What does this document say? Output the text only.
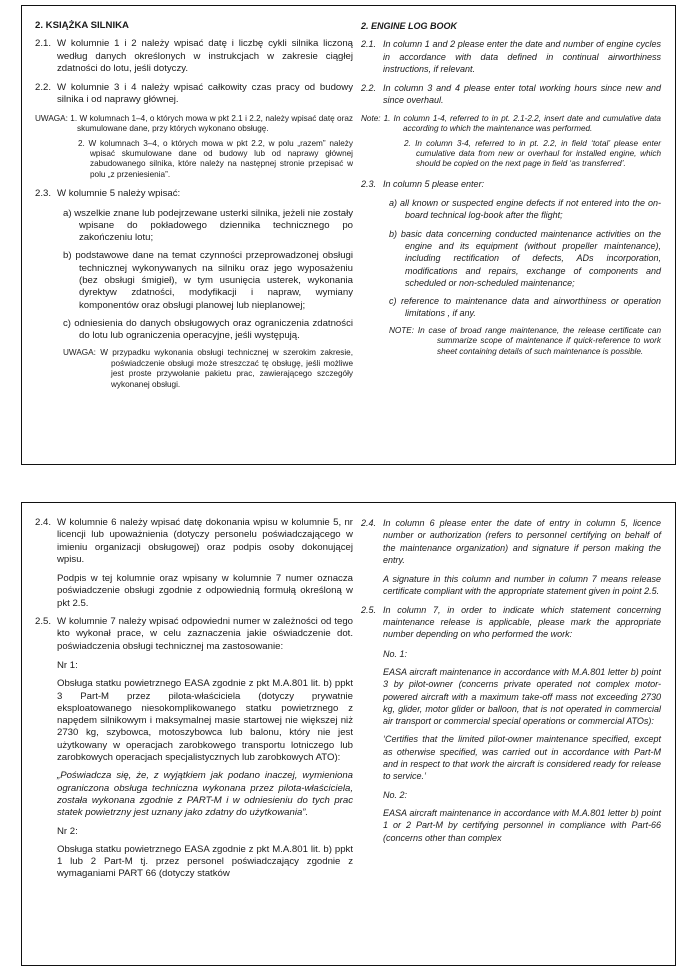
2. KSIĄŻKA SILNIKA

2.1. W kolumnie 1 i 2 należy wpisać datę i liczbę cykli silnika liczoną według danych określonych w instrukcjach w zakresie ciągłej zdatności do lotu, jeśli dotyczy.

2.2. W kolumnie 3 i 4 należy wpisać całkowity czas pracy od budowy silnika i od naprawy głównej.

UWAGA: 1. W kolumnach 1–4, o których mowa w pkt 2.1 i 2.2, należy wpisać datę oraz skumulowane dane, przy których wykonano obsługę.

2. W kolumnach 3–4, o których mowa w pkt 2.2, w polu „razem” należy wpisać skumulowane dane od budowy lub od naprawy głównej zabudowanego silnika, które należy na następnej stronie przepisać w polu „z przeniesienia”.

2.3. W kolumnie 5 należy wpisać:

a) wszelkie znane lub podejrzewane usterki silnika, jeżeli nie zostały wpisane do pokładowego dziennika technicznego po zakończeniu lotu;

b) podstawowe dane na temat czynności przeprowadzonej obsługi technicznej wykonywanych na silniku oraz jego wyposażeniu (bez obsługi śmigieł), w tym usunięcia usterek, wykonania dyrektyw zdatności, modyfikacji i napraw, wymiany komponentów oraz obsługi planowej lub nieplanowej;

c) odniesienia do danych obsługowych oraz ograniczenia zdatności do lotu lub ograniczenia operacyjne, jeśli występują.

UWAGA: W przypadku wykonania obsługi technicznej w szerokim zakresie, poświadczenie obsługi może streszczać tę obsługę, jeśli możliwe jest proste przywołanie pakietu prac, zawierającego szczegóły wykonanej obsługi.

2. ENGINE LOG BOOK

2.1. In column 1 and 2 please enter the date and number of engine cycles in accordance with data defined in continual airworthiness instructions, if relevant.

2.2. In column 3 and 4 please enter total working hours since new and since overhaul.

Note: 1. In column 1-4, referred to in pt. 2.1-2.2, insert date and cumulative data according to which the maintenance was performed.

2. In column 3-4, referred to in pt. 2.2, in field ‘total’ please enter cumulative data from new or overhaul for installed engine, which should be copied on the next page in field ‘as transferred’.

2.3. In column 5 please enter:

a) all known or suspected engine defects if not entered into the on-board technical log-book after the flight;

b) basic data concerning conducted maintenance activities on the engine and its equipment (without propeller maintenance), including rectification of defects, ADs incorporation, modifications and repairs, exchange of components and scheduled or non-scheduled maintenance;

c) reference to maintenance data and airworthiness or operation limitations , if any.

NOTE: In case of broad range maintenance, the release certificate can summarize scope of maintenance if quick-reference to work sheet containing details of such maintenance is possible.

2.4. W kolumnie 6 należy wpisać datę dokonania wpisu w kolumnie 5, nr licencji lub upoważnienia (dotyczy personelu poświadczającego w imieniu organizacji obsługowej) oraz podpis osoby dokonującej wpisu.

Podpis w tej kolumnie oraz wpisany w kolumnie 7 numer oznacza poświadczenie obsługi zgodnie z odpowiednią formułą określoną w pkt 2.5.

2.5. W kolumnie 7 należy wpisać odpowiedni numer w zależności od tego kto wykonał prace, w celu zaznaczenia jakie oświadczenie dot. poświadczenia obsługi technicznej ma zastosowanie:

Nr 1:

Obsługa statku powietrznego EASA zgodnie z pkt M.A.801 lit. b) ppkt 3 Part-M przez pilota-właściciela (dotyczy prywatnie eksploatowanego niesokomplikowanego statku powietrznego z napędem silnikowym i maksymalnej masie startowej nie większej niż 2730 kg, szybowca, motoszybowca lub balonu, który nie jest użytkowany w operacjach zarobkowego transportu lotniczego lub zarobkowych operacjach specjalistycznych lub zarobkowych ATO):

„Poświadcza się, że, z wyjątkiem jak podano inaczej, wymieniona ograniczona obsługa techniczna wykonana przez pilota-właściciela, została wykonana zgodnie z PART-M i w odniesieniu do tych prac statek powietrzny jest uznany jako zdatny do użytkowania”.

Nr 2:

Obsługa statku powietrznego EASA zgodnie z pkt M.A.801 lit. b) ppkt 1 lub 2 Part-M tj. przez personel poświadczający zgodnie z wymaganiami PART 66 (dotyczy statków

2.4. In column 6 please enter the date of entry in column 5, licence number or authorization (refers to personnel certifying on behalf of the maintenance organization) and signature if person making the entry.

A signature in this column and number in column 7 means release certificate compliant with the appropriate statement given in point 2.5.

2.5. In column 7, in order to indicate which statement concerning maintenance release is applicable, please mark the appropriate number depending on who performed the work:

No. 1:

EASA aircraft maintenance in accordance with M.A.801 letter b) point 3 by pilot-owner (concerns private operated not complex motor-powered aircraft with a maximum take-off mass not exceeding 2730 kg, glider, motor glider or balloon, that is not operated in commercial air transport or commercial special operations or commercial ATOs):

‘Certifies that the limited pilot-owner maintenance specified, except as otherwise specified, was carried out in accordance with Part-M and in respect to that work the aircraft is considered ready for release to service.’

No. 2:

EASA aircraft maintenance in accordance with M.A.801 letter b) point 1 or 2 Part-M by certifying personnel in compliance with Part-66 (concerns other than complex
